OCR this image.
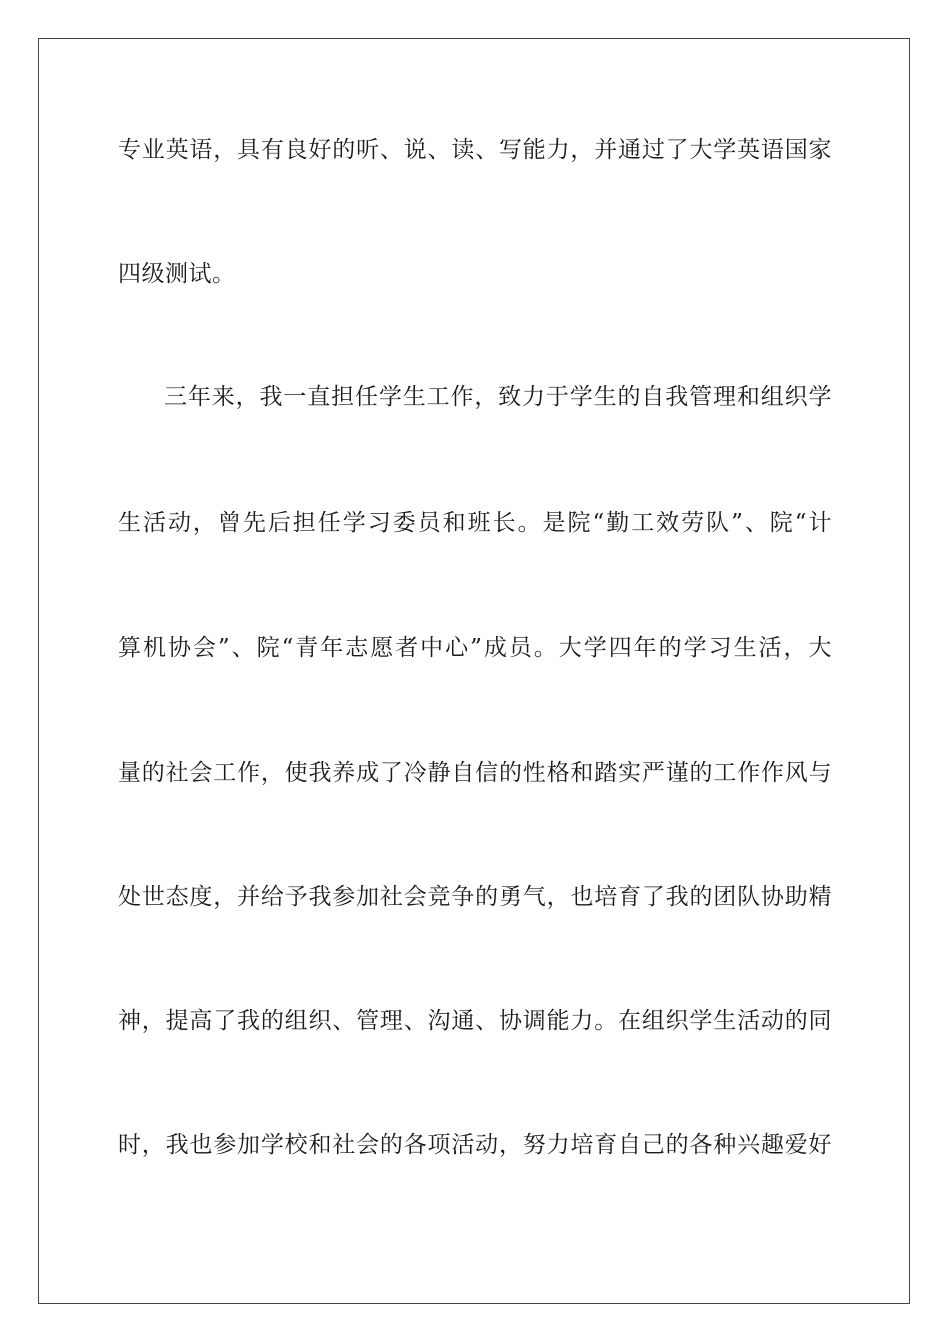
专业英语，具有良好的听、说、读、写能力，并通过了大学英语国家
四级测试。
三年来，我一直担任学生工作，致力于学生的自我管理和组织学
生活动，曾先后担任学习委员和班长。是院“勤工效劳队”、院“计
算机协会”、院“青年志愿者中心”成员。大学四年的学习生活，大
量的社会工作，使我养成了冷静自信的性格和踏实严谨的工作作风与
处世态度，并给予我参加社会竞争的勇气，也培育了我的团队协助精
神，提高了我的组织、管理、沟通、协调能力。在组织学生活动的同
时，我也参加学校和社会的各项活动，努力培育自己的各种兴趣爱好
